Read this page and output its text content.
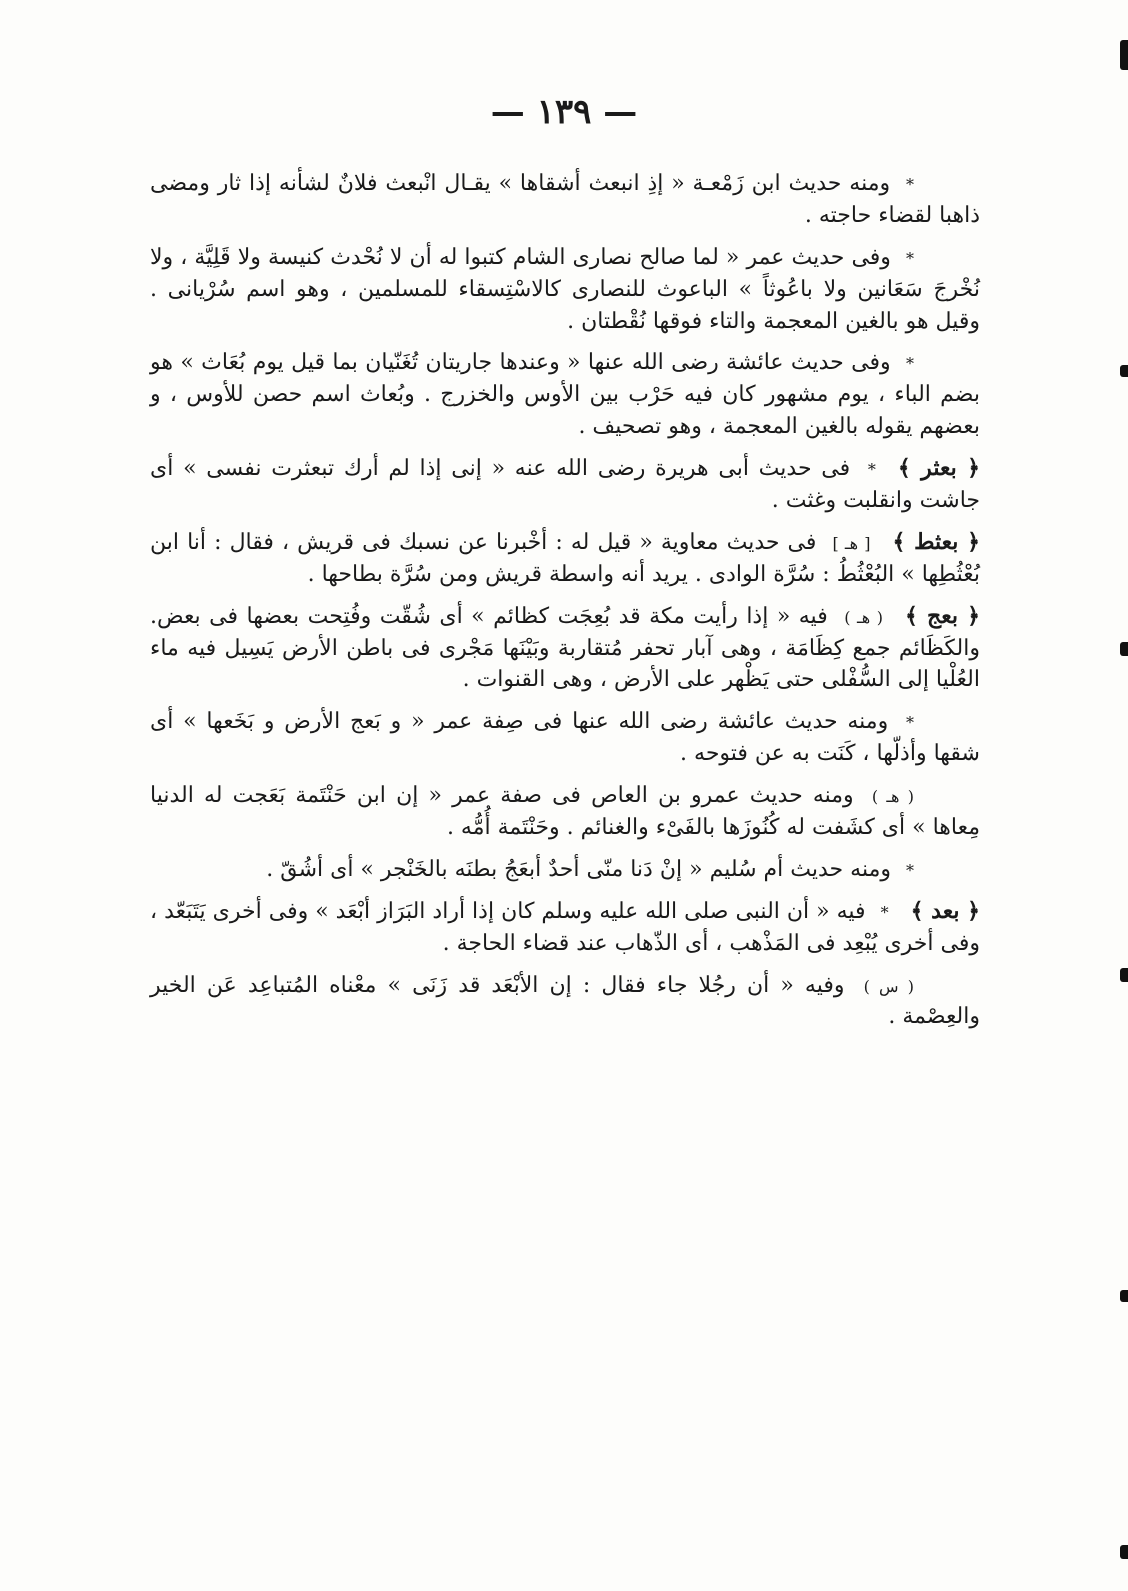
— ١٣٩ —

* ومنه حديث ابن زَمْعـة « إذِ انبعث أشقاها » يقـال انْبعث فلانٌ لشأنه إذا ثار ومضى ذاهبا لقضاء حاجته .

* وفى حديث عمر « لما صالح نصارى الشام كتبوا له أن لا نُحْدث كنيسة ولا قَلِيَّة ، ولا نُخْرجَ سَعَانين ولا باعُوثاً » الباعوث للنصارى كالاسْتِسقاء للمسلمين ، وهو اسم سُرْيانى . وقيل هو بالغين المعجمة والتاء فوقها نُقْطتان .

* وفى حديث عائشة رضى الله عنها « وعندها جاريتان تُغَنّيان بما قيل يوم بُعَاث » هو بضم الباء ، يوم مشهور كان فيه حَرْب بين الأوس والخزرج . وبُعاث اسم حصن للأوس ، و بعضهم يقوله بالغين المعجمة ، وهو تصحيف .

﴿ بعثر ﴾* فى حديث أبى هريرة رضى الله عنه « إنى إذا لم أرك تبعثرت نفسى » أى جاشت وانقلبت وغثت .

﴿ بعثط ﴾[ هـ ] فى حديث معاوية « قيل له : أخْبرنا عن نسبك فى قريش ، فقال : أنا ابن بُعْثُطِها » البُعْثُطُ : سُرَّة الوادى . يريد أنه واسطة قريش ومن سُرَّة بطاحها .

﴿ بعج ﴾( هـ ) فيه « إذا رأيت مكة قد بُعِجَت كظائم » أى شُقّت وفُتِحت بعضها فى بعض. والكَظَائم جمع كِظَامَة ، وهى آبار تحفر مُتقاربة وبَيْنَها مَجْرى فى باطن الأرض يَسِيل فيه ماء العُلْيا إلى السُّفْلى حتى يَظْهر على الأرض ، وهى القنوات .

* ومنه حديث عائشة رضى الله عنها فى صِفة عمر « و بَعج الأرض و بَخَعها » أى شقها وأذلّها ، كَنَت به عن فتوحه .

( هـ ) ومنه حديث عمرو بن العاص فى صفة عمر « إن ابن حَنْتَمة بَعَجت له الدنيا مِعاها » أى كشَفت له كُنُوزَها بالفَىْء والغنائم . وحَنْتَمة أُمُّه .

* ومنه حديث أم سُليم « إنْ دَنا منّى أحدٌ أبعَجُ بطنَه بالخَنْجر » أى أشُقّ .

﴿ بعد ﴾* فيه « أن النبى صلى الله عليه وسلم كان إذا أراد البَرَاز أبْعَد » وفى أخرى يَتَبَعّد ، وفى أخرى يُبْعِد فى المَذْهب ، أى الذّهاب عند قضاء الحاجة .

( س ) وفيه « أن رجُلا جاء فقال : إن الأبْعَد قد زَنَى » معْناه المُتباعِد عَن الخير والعِصْمة .
